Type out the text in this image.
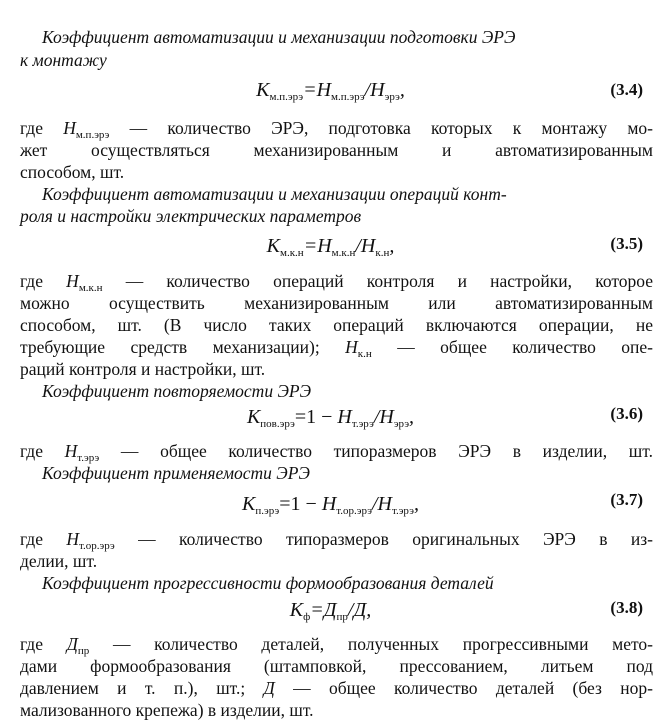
Коэффициент автоматизации и механизации подготовки ЭРЭ
к монтажу
$K_{м.п.эрэ}=H_{м.п.эрэ}/H_{эрэ}$,	(3.4)
где $H_{м.п.эрэ}$ — количество ЭРЭ, подготовка которых к монтажу мо-
жет осуществляться механизированным и автоматизированным
способом, шт.
Коэффициент автоматизации и механизации операций конт-
роля и настройки электрических параметров
$K_{м.к.н}=H_{м.к.н}/H_{к.н}$,	(3.5)
где $H_{м.к.н}$ — количество операций контроля и настройки, которое
можно осуществить механизированным или автоматизированным
способом, шт. (В число таких операций включаются операции, не
требующие средств механизации); $H_{к.н}$ — общее количество опе-
раций контроля и настройки, шт.
Коэффициент повторяемости ЭРЭ
$K_{пов.эрэ}=1 - H_{т.эрэ}/H_{эрэ}$,	(3.6)
где $H_{т.эрэ}$ — общее количество типоразмеров ЭРЭ в изделии, шт.
Коэффициент применяемости ЭРЭ
$K_{п.эрэ}=1 - H_{т.ор.эрэ}/H_{т.эрэ}$,	(3.7)
где $H_{т.ор.эрэ}$ — количество типоразмеров оригинальных ЭРЭ в из-
делии, шт.
Коэффициент прогрессивности формообразования деталей
$K_ф=Д_{пр}/Д$,	(3.8)
где $Д_{пр}$ — количество деталей, полученных прогрессивными мето-
дами формообразования (штамповкой, прессованием, литьем под
давлением и т. п.), шт.; Д — общее количество деталей (без нор-
мализованного крепежа) в изделии, шт.
